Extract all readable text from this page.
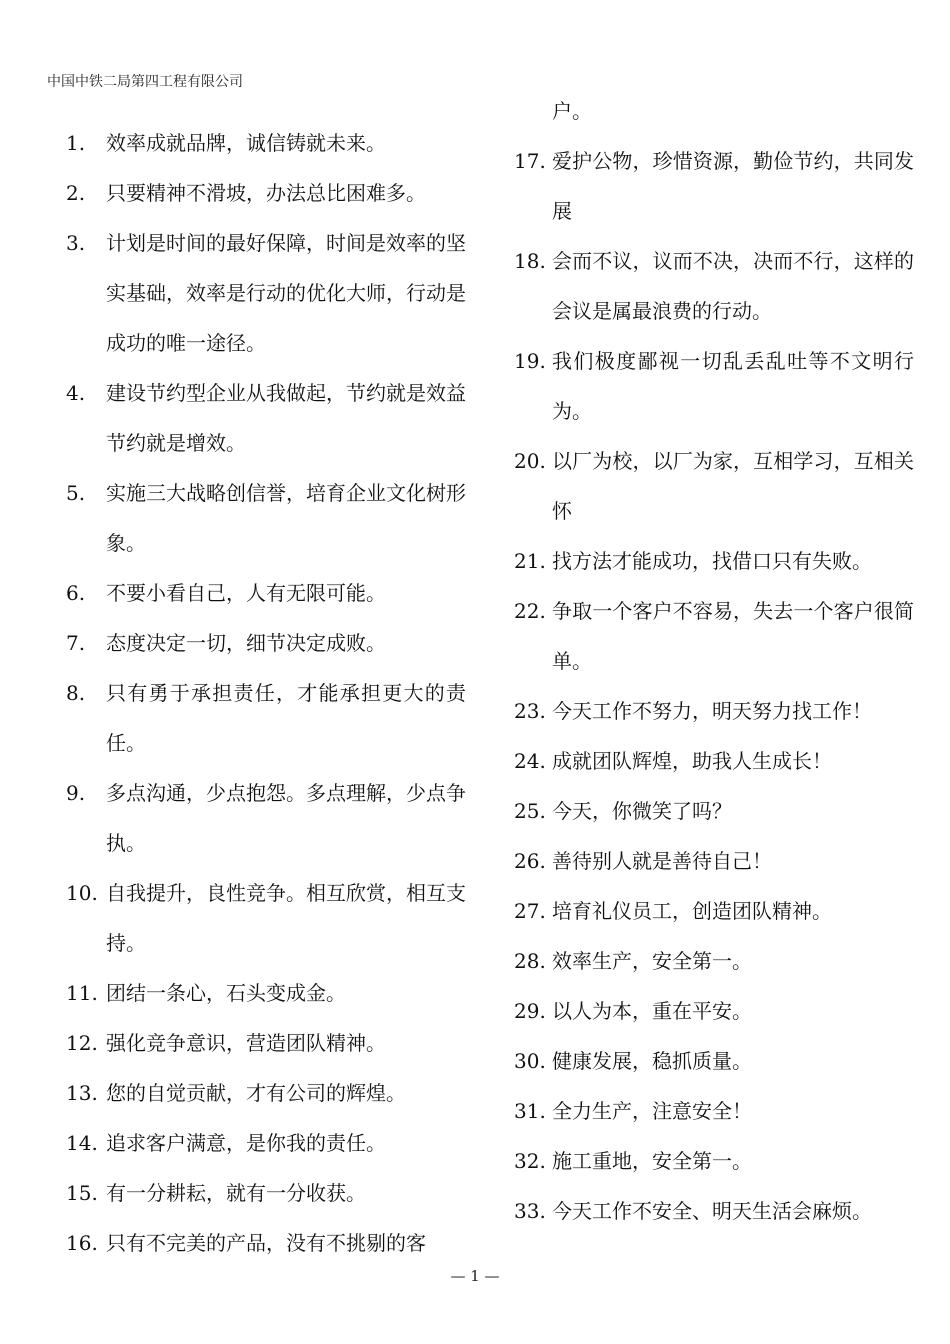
中国中铁二局第四工程有限公司
1.	效率成就品牌，诚信铸就未来。
2.	只要精神不滑坡，办法总比困难多。
3.	计划是时间的最好保障，时间是效率的坚实基础，效率是行动的优化大师，行动是成功的唯一途径。
4.	建设节约型企业从我做起，节约就是效益节约就是增效。
5.	实施三大战略创信誉，培育企业文化树形象。
6.	不要小看自己，人有无限可能。
7.	态度决定一切，细节决定成败。
8.	只有勇于承担责任，才能承担更大的责任。
9.	多点沟通，少点抱怨。多点理解，少点争执。
10. 自我提升，良性竞争。相互欣赏，相互支持。
11. 团结一条心，石头变成金。
12. 强化竞争意识，营造团队精神。
13. 您的自觉贡献，才有公司的辉煌。
14. 追求客户满意，是你我的责任。
15. 有一分耕耘，就有一分收获。
16. 只有不完美的产品，没有不挑剔的客
户。
17. 爱护公物，珍惜资源，勤俭节约，共同发展
18. 会而不议，议而不决，决而不行，这样的会议是属最浪费的行动。
19. 我们极度鄙视一切乱丢乱吐等不文明行为。
20. 以厂为校，以厂为家，互相学习，互相关怀
21. 找方法才能成功，找借口只有失败。
22. 争取一个客户不容易，失去一个客户很简单。
23. 今天工作不努力，明天努力找工作！
24. 成就团队辉煌，助我人生成长！
25. 今天，你微笑了吗？
26. 善待别人就是善待自己！
27. 培育礼仪员工，创造团队精神。
28. 效率生产，安全第一。
29. 以人为本，重在平安。
30. 健康发展，稳抓质量。
31. 全力生产，注意安全！
32. 施工重地，安全第一。
33. 今天工作不安全、明天生活会麻烦。
— 1 —
